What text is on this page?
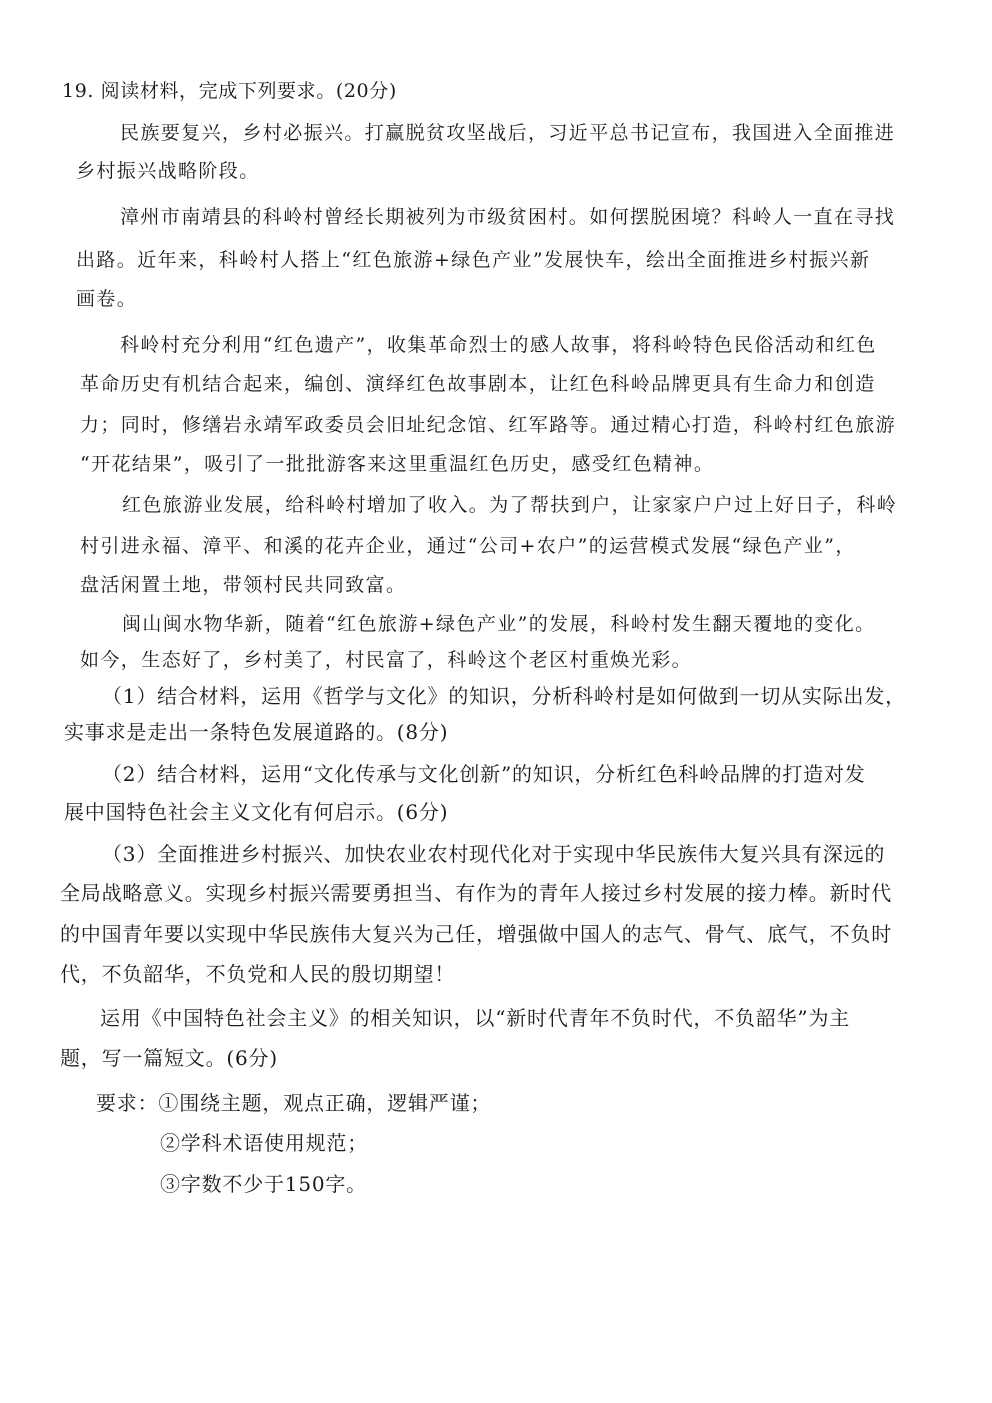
19. 阅读材料，完成下列要求。(20分)
民族要复兴，乡村必振兴。打赢脱贫攻坚战后，习近平总书记宣布，我国进入全面推进
乡村振兴战略阶段。
漳州市南靖县的科岭村曾经长期被列为市级贫困村。如何摆脱困境？科岭人一直在寻找
出路。近年来，科岭村人搭上“红色旅游+绿色产业”发展快车，绘出全面推进乡村振兴新
画卷。
科岭村充分利用“红色遗产”，收集革命烈士的感人故事，将科岭特色民俗活动和红色
革命历史有机结合起来，编创、演绎红色故事剧本，让红色科岭品牌更具有生命力和创造
力；同时，修缮岩永靖军政委员会旧址纪念馆、红军路等。通过精心打造，科岭村红色旅游
“开花结果”，吸引了一批批游客来这里重温红色历史，感受红色精神。
红色旅游业发展，给科岭村增加了收入。为了帮扶到户，让家家户户过上好日子，科岭
村引进永福、漳平、和溪的花卉企业，通过“公司+农户”的运营模式发展“绿色产业”，
盘活闲置土地，带领村民共同致富。
闽山闽水物华新，随着“红色旅游+绿色产业”的发展，科岭村发生翻天覆地的变化。
如今，生态好了，乡村美了，村民富了，科岭这个老区村重焕光彩。
（1）结合材料，运用《哲学与文化》的知识，分析科岭村是如何做到一切从实际出发，
实事求是走出一条特色发展道路的。(8分)
（2）结合材料，运用“文化传承与文化创新”的知识，分析红色科岭品牌的打造对发
展中国特色社会主义文化有何启示。(6分)
（3）全面推进乡村振兴、加快农业农村现代化对于实现中华民族伟大复兴具有深远的
全局战略意义。实现乡村振兴需要勇担当、有作为的青年人接过乡村发展的接力棒。新时代
的中国青年要以实现中华民族伟大复兴为己任，增强做中国人的志气、骨气、底气，不负时
代，不负韶华，不负党和人民的殷切期望！
运用《中国特色社会主义》的相关知识，以“新时代青年不负时代，不负韶华”为主
题，写一篇短文。(6分)
要求：①围绕主题，观点正确，逻辑严谨；
②学科术语使用规范；
③字数不少于150字。
